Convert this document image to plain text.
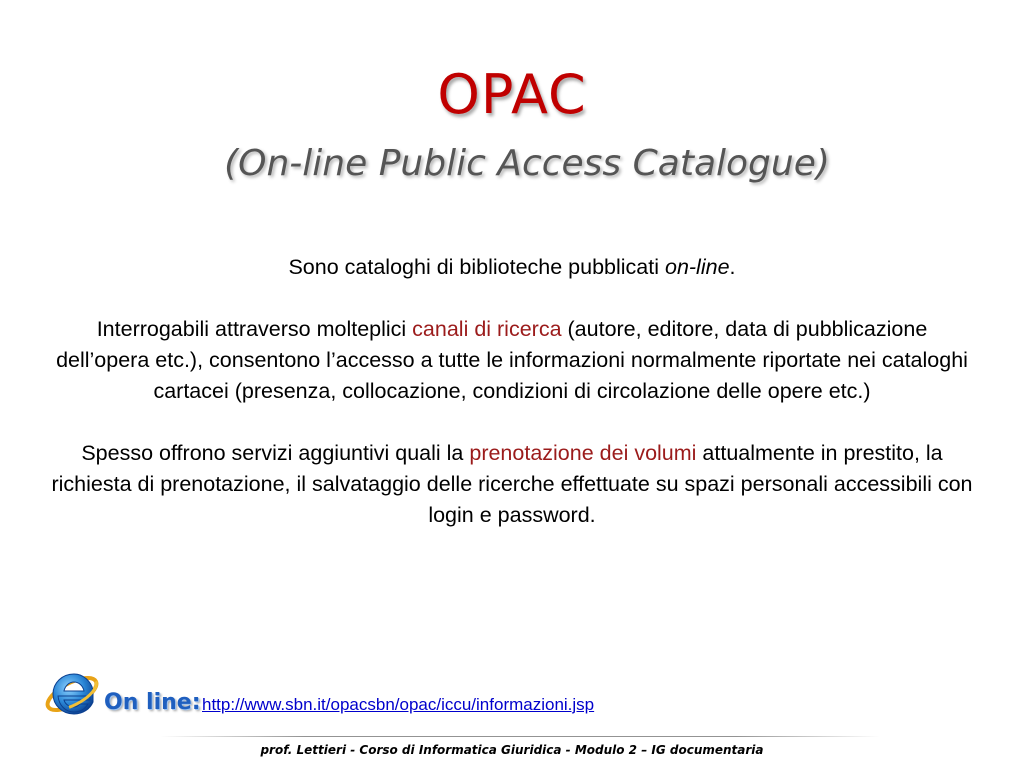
OPAC
(On-line Public Access Catalogue)

Sono cataloghi di biblioteche pubblicati on-line.

Interrogabili attraverso molteplici canali di ricerca (autore, editore, data di pubblicazione dell’opera etc.), consentono l’accesso a tutte le informazioni normalmente riportate nei cataloghi cartacei (presenza, collocazione, condizioni di circolazione delle opere etc.)

Spesso offrono servizi aggiuntivi quali la prenotazione dei volumi attualmente in prestito, la richiesta di prenotazione, il salvataggio delle ricerche effettuate su spazi personali accessibili con login e password.

On line: http://www.sbn.it/opacsbn/opac/iccu/informazioni.jsp
prof. Lettieri - Corso di Informatica Giuridica - Modulo 2 – IG documentaria
